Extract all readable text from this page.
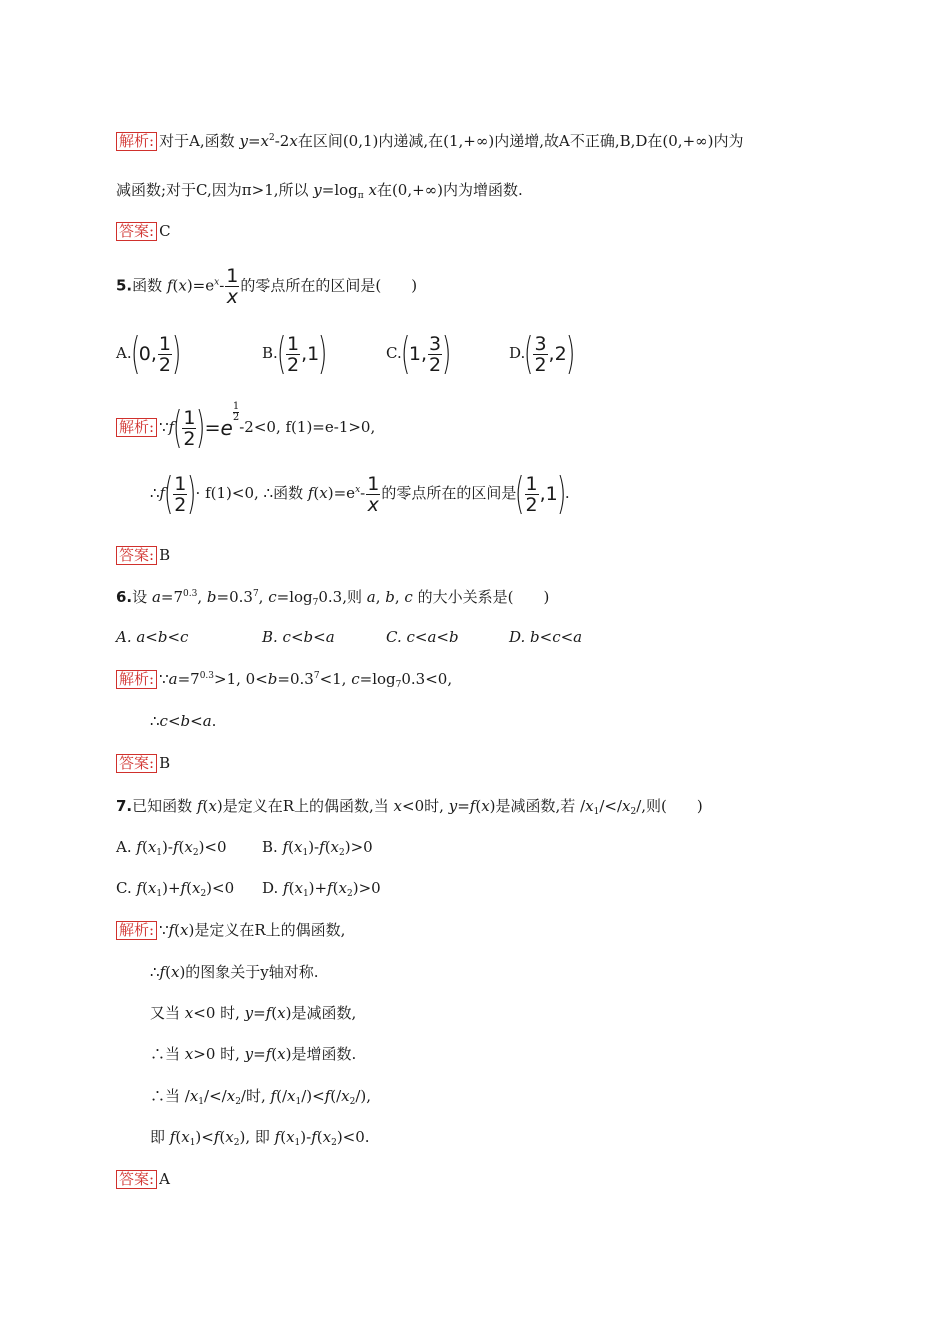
解析: 对于A,函数 $y=x^2-2x$在区间(0,1)内递减,在(1,+∞)内递增,故A不正确,B,D在(0,+∞)内为
减函数;对于C,因为π>1,所以 $y=\log_\pi$ x在(0,+∞)内为增函数.
答案: C
5.函数 $f(x)=e^x- \frac{1}{x}$ 的零点所在的区间是(　　)
A.(0, $\frac{1}{2}$ )	$B.( \frac{1}{2} ,1)$	C.(1, $\frac{3}{2}$ )	$D.( \frac{3}{2} ,2)$
解析: ∵f( $\frac{1}{2} )=e$
$\frac{1}{2}$
-2<0, f(1)=e-1>0,
∴f( $\frac{1}{2}$ )· f(1)<0, ∴函数 $f(x)=e^x- \frac{1}{x}$ 的零点所在的区间是( $\frac{1}{2} ,1$).
答案: B
6.设 $a=7^{0.3}$, $b=0.3^7$, $c=\log_70.3$,则 a, b, c 的大小关系是(　　)
A. a<b<c	B. c<b<a	C. c<a<b	D. b<c<a
解析: $\because a=7^{0.3}>1$, $0<b=0.3^7<1$, $c=\log_70.3<0$,
∴c<b<a.
答案: B
7.已知函数 f(x)是定义在R上的偶函数,当 x<0时, y=f(x)是减函数,若 $/x_1/</x_2/$,则(　　)
A. $f(x_1)-f(x_2)<0$ B. $f(x_1)-f(x_2)>0$
C. $f(x_1)+f(x_2)<0$ D. $f(x_1)+f(x_2)>0$
解析: ∵f(x)是定义在R上的偶函数,
∴f(x)的图象关于y轴对称.
又当 x<0 时, y=f(x)是减函数,
∴当 x>0 时, y=f(x)是增函数.
∴当 $/x_1/</x_2/$时, $f(/x_1/)<f(/x_2/)$,
即 $f(x_1)<f(x_2)$, 即 $f(x_1)-f(x_2)<0$.
答案: A
